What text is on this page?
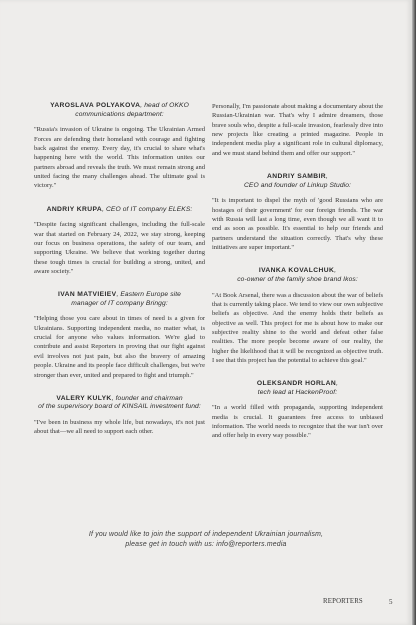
YAROSLAVA POLYAKOVA, head of OKKO
communications department:

"Russia's invasion of Ukraine is ongoing. The Ukrainian Armed Forces are defending their homeland with courage and fighting back against the enemy. Every day, it's crucial to share what's happening here with the world. This information unites our partners abroad and reveals the truth. We must remain strong and united facing the many challenges ahead. The ultimate goal is victory."

ANDRIY KRUPA, CEO of IT company ELEKS:

"Despite facing significant challenges, including the full-scale war that started on February 24, 2022, we stay strong, keeping our focus on business operations, the safety of our team, and supporting Ukraine. We believe that working together during these tough times is crucial for building a strong, united, and aware society."

IVAN MATVIEIEV, Eastern Europe site
manager of IT company Bringg:

"Helping those you care about in times of need is a given for Ukrainians. Supporting independent media, no matter what, is crucial for anyone who values information. We're glad to contribute and assist Reporters in proving that our fight against evil involves not just pain, but also the bravery of amazing people. Ukraine and its people face difficult challenges, but we're stronger than ever, united and prepared to fight and triumph."

VALERY KULYK, founder and chairman
of the supervisory board of KINSAIL investment fund:

"I've been in business my whole life, but nowadays, it's not just about that—we all need to support each other.

Personally, I'm passionate about making a documentary about the Russian-Ukrainian war. That's why I admire dreamers, those brave souls who, despite a full-scale invasion, fearlessly dive into new projects like creating a printed magazine. People in independent media play a significant role in cultural diplomacy, and we must stand behind them and offer our support."

ANDRIY SAMBIR,
CEO and founder of Linkup Studio:

"It is important to dispel the myth of 'good Russians who are hostages of their government' for our foreign friends. The war with Russia will last a long time, even though we all want it to end as soon as possible. It's essential to help our friends and partners understand the situation correctly. That's why these initiatives are super important."

IVANKA KOVALCHUK,
co-owner of the family shoe brand Ikos:

"At Book Arsenal, there was a discussion about the war of beliefs that is currently taking place. We tend to view our own subjective beliefs as objective. And the enemy holds their beliefs as objective as well. This project for me is about how to make our subjective reality shine to the world and defeat other false realities. The more people become aware of our reality, the higher the likelihood that it will be recognized as objective truth. I see that this project has the potential to achieve this goal."

OLEKSANDR HORLAN,
tech lead at HackenProof:

"In a world filled with propaganda, supporting independent media is crucial. It guarantees free access to unbiased information. The world needs to recognize that the war isn't over and offer help in every way possible."

If you would like to join the support of independent Ukrainian journalism,
please get in touch with us: info@reporters.media
REPORTERS	5
